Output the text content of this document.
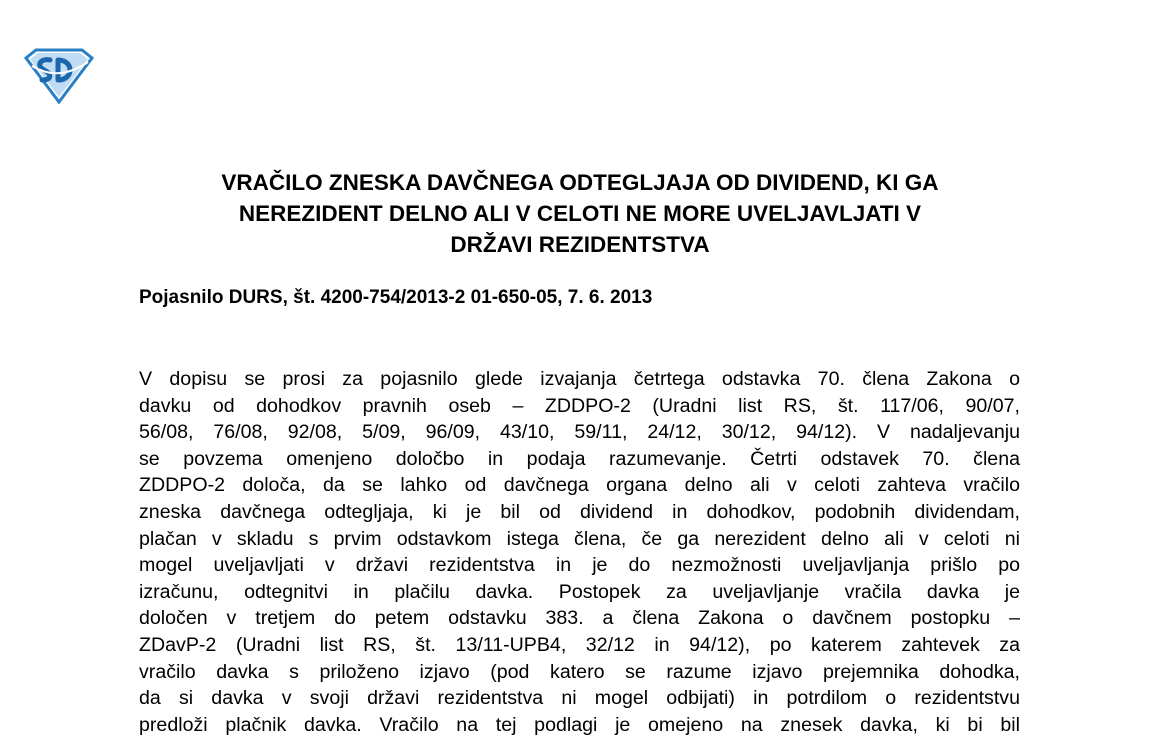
VRAČILO ZNESKA DAVČNEGA ODTEGLJAJA OD DIVIDEND, KI GA
NEREZIDENT DELNO ALI V CELOTI NE MORE UVELJAVLJATI V
DRŽAVI REZIDENTSTVA
Pojasnilo DURS, št. 4200-754/2013-2 01-650-05, 7. 6. 2013
V dopisu se prosi za pojasnilo glede izvajanja četrtega odstavka 70. člena Zakona o
davku od dohodkov pravnih oseb – ZDDPO-2 (Uradni list RS, št. 117/06, 90/07,
56/08, 76/08, 92/08, 5/09, 96/09, 43/10, 59/11, 24/12, 30/12, 94/12). V nadaljevanju
se povzema omenjeno določbo in podaja razumevanje. Četrti odstavek 70. člena
ZDDPO-2 določa, da se lahko od davčnega organa delno ali v celoti zahteva vračilo
zneska davčnega odtegljaja, ki je bil od dividend in dohodkov, podobnih dividendam,
plačan v skladu s prvim odstavkom istega člena, če ga nerezident delno ali v celoti ni
mogel uveljavljati v državi rezidentstva in je do nezmožnosti uveljavljanja prišlo po
izračunu, odtegnitvi in plačilu davka. Postopek za uveljavljanje vračila davka je
določen v tretjem do petem odstavku 383. a člena Zakona o davčnem postopku –
ZDavP-2 (Uradni list RS, št. 13/11-UPB4, 32/12 in 94/12), po katerem zahtevek za
vračilo davka s priloženo izjavo (pod katero se razume izjavo prejemnika dohodka,
da si davka v svoji državi rezidentstva ni mogel odbijati) in potrdilom o rezidentstvu
predloži plačnik davka. Vračilo na tej podlagi je omejeno na znesek davka, ki bi bil
